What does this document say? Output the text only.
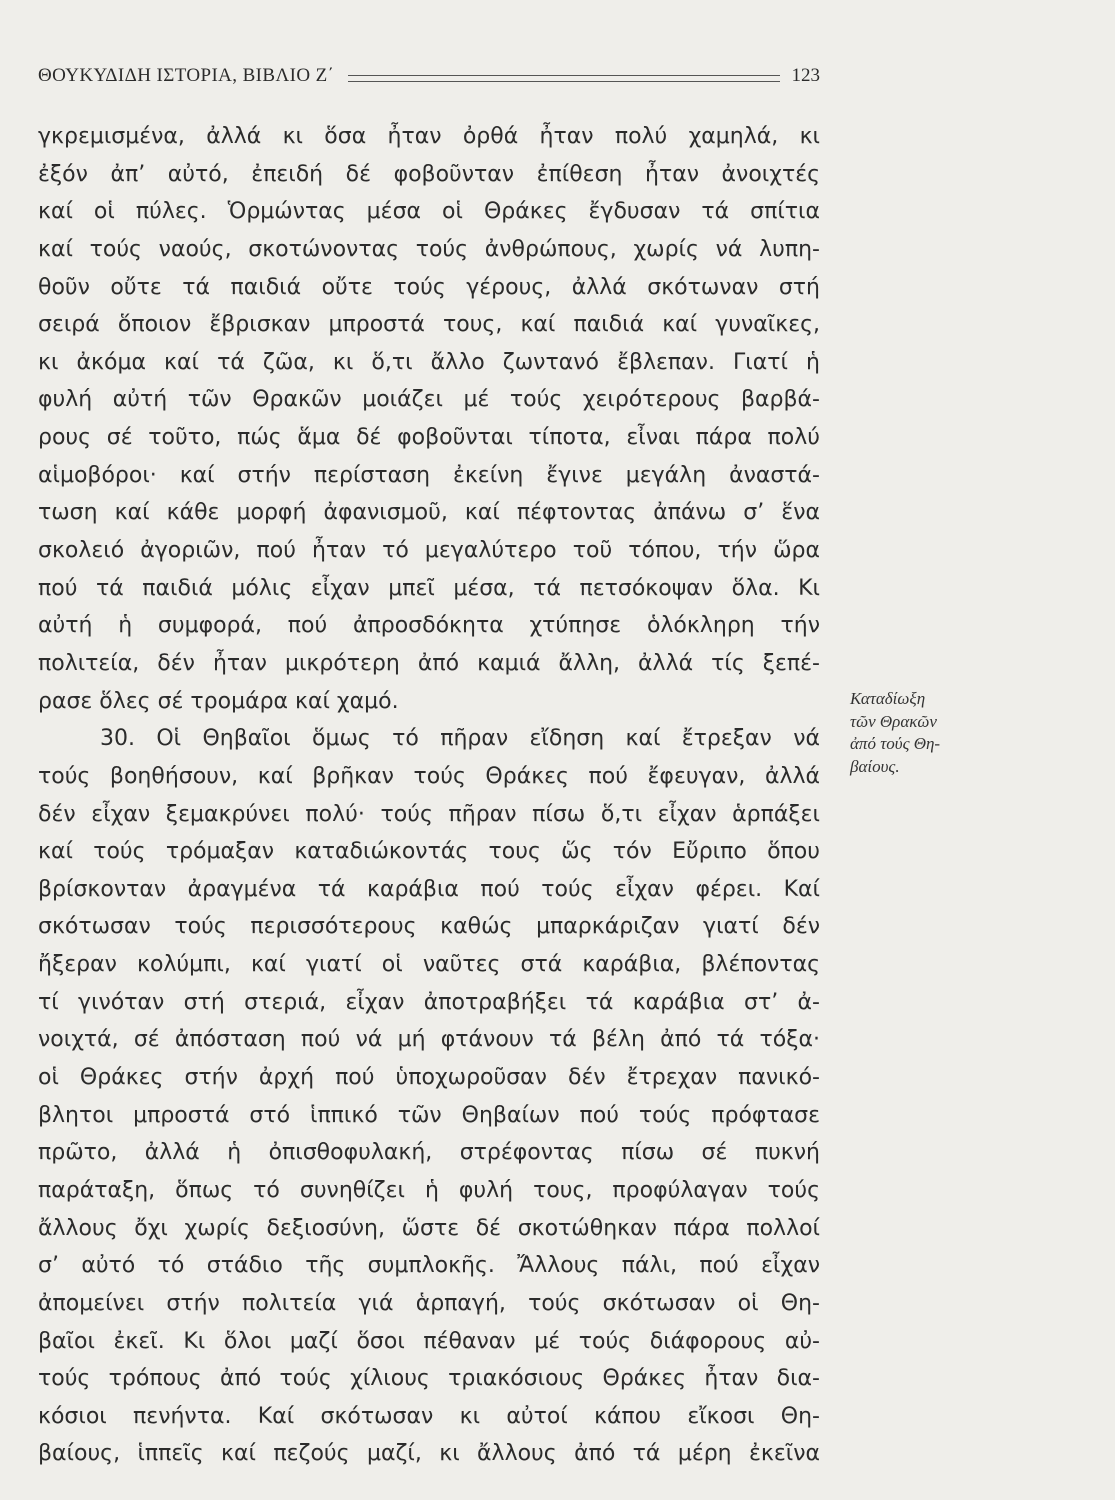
ΘΟΥΚΥΔΙΔΗ ΙΣΤΟΡΙΑ, ΒΙΒΛΙΟ Ζ΄	123
γκρεμισμένα, ἀλλά κι ὅσα ἦταν ὀρθά ἦταν πολύ χαμηλά, κι
ἐξόν ἀπ’ αὐτό, ἐπειδή δέ φοβοῦνταν ἐπίθεση ἦταν ἀνοιχτές
καί οἱ πύλες. Ὁρμώντας μέσα οἱ Θράκες ἔγδυσαν τά σπίτια
καί τούς ναούς, σκοτώνοντας τούς ἀνθρώπους, χωρίς νά λυπη-
θοῦν οὔτε τά παιδιά οὔτε τούς γέρους, ἀλλά σκότωναν στή
σειρά ὅποιον ἔβρισκαν μπροστά τους, καί παιδιά καί γυναῖκες,
κι ἀκόμα καί τά ζῶα, κι ὅ,τι ἄλλο ζωντανό ἔβλεπαν. Γιατί ἡ
φυλή αὐτή τῶν Θρακῶν μοιάζει μέ τούς χειρότερους βαρβά-
ρους σέ τοῦτο, πώς ἅμα δέ φοβοῦνται τίποτα, εἶναι πάρα πολύ
αἱμοβόροι· καί στήν περίσταση ἐκείνη ἔγινε μεγάλη ἀναστά-
τωση καί κάθε μορφή ἀφανισμοῦ, καί πέφτοντας ἀπάνω σ’ ἕνα
σκολειό ἀγοριῶν, πού ἦταν τό μεγαλύτερο τοῦ τόπου, τήν ὥρα
πού τά παιδιά μόλις εἶχαν μπεῖ μέσα, τά πετσόκοψαν ὅλα. Κι
αὐτή ἡ συμφορά, πού ἀπροσδόκητα χτύπησε ὁλόκληρη τήν
πολιτεία, δέν ἦταν μικρότερη ἀπό καμιά ἄλλη, ἀλλά τίς ξεπέ-
ρασε ὅλες σέ τρομάρα καί χαμό.
30. Οἱ Θηβαῖοι ὅμως τό πῆραν εἴδηση καί ἔτρεξαν νά
τούς βοηθήσουν, καί βρῆκαν τούς Θράκες πού ἔφευγαν, ἀλλά
δέν εἶχαν ξεμακρύνει πολύ· τούς πῆραν πίσω ὅ,τι εἶχαν ἁρπάξει
καί τούς τρόμαξαν καταδιώκοντάς τους ὥς τόν Εὔριπο ὅπου
βρίσκονταν ἀραγμένα τά καράβια πού τούς εἶχαν φέρει. Καί
σκότωσαν τούς περισσότερους καθώς μπαρκάριζαν γιατί δέν
ἤξεραν κολύμπι, καί γιατί οἱ ναῦτες στά καράβια, βλέποντας
τί γινόταν στή στεριά, εἶχαν ἀποτραβήξει τά καράβια στ’ ἀ-
νοιχτά, σέ ἀπόσταση πού νά μή φτάνουν τά βέλη ἀπό τά τόξα·
οἱ Θράκες στήν ἀρχή πού ὑποχωροῦσαν δέν ἔτρεχαν πανικό-
βλητοι μπροστά στό ἱππικό τῶν Θηβαίων πού τούς πρόφτασε
πρῶτο, ἀλλά ἡ ὀπισθοφυλακή, στρέφοντας πίσω σέ πυκνή
παράταξη, ὅπως τό συνηθίζει ἡ φυλή τους, προφύλαγαν τούς
ἄλλους ὄχι χωρίς δεξιοσύνη, ὥστε δέ σκοτώθηκαν πάρα πολλοί
σ’ αὐτό τό στάδιο τῆς συμπλοκῆς. Ἄλλους πάλι, πού εἶχαν
ἀπομείνει στήν πολιτεία γιά ἁρπαγή, τούς σκότωσαν οἱ Θη-
βαῖοι ἐκεῖ. Κι ὅλοι μαζί ὅσοι πέθαναν μέ τούς διάφορους αὐ-
τούς τρόπους ἀπό τούς χίλιους τριακόσιους Θράκες ἦταν δια-
κόσιοι πενήντα. Καί σκότωσαν κι αὐτοί κάπου εἴκοσι Θη-
βαίους, ἱππεῖς καί πεζούς μαζί, κι ἄλλους ἀπό τά μέρη ἐκεῖνα
Καταδίωξη
τῶν Θρακῶν
ἀπό τούς Θη-
βαίους.
